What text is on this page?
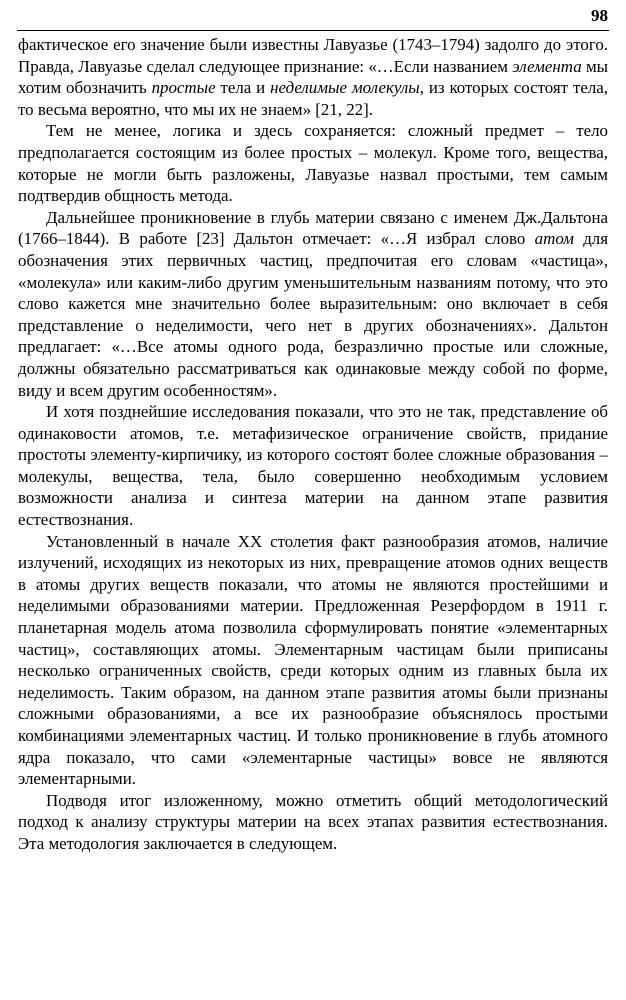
98

фактическое его значение были известны Лавуазье (1743–1794) задолго до этого. Правда, Лавуазье сделал следующее признание: «…Если названием элемента мы хотим обозначить простые тела и неделимые молекулы, из которых состоят тела, то весьма вероятно, что мы их не знаем» [21, 22].

Тем не менее, логика и здесь сохраняется: сложный предмет – тело предполагается состоящим из более простых – молекул. Кроме того, вещества, которые не могли быть разложены, Лавуазье назвал простыми, тем самым подтвердив общность метода.

Дальнейшее проникновение в глубь материи связано с именем Дж.Дальтона (1766–1844). В работе [23] Дальтон отмечает: «…Я избрал слово атом для обозначения этих первичных частиц, предпочитая его словам «частица», «молекула» или каким-либо другим уменьшительным названиям потому, что это слово кажется мне значительно более выразительным: оно включает в себя представление о неделимости, чего нет в других обозначениях». Дальтон предлагает: «…Все атомы одного рода, безразлично простые или сложные, должны обязательно рассматриваться как одинаковые между собой по форме, виду и всем другим особенностям».

И хотя позднейшие исследования показали, что это не так, представление об одинаковости атомов, т.е. метафизическое ограничение свойств, придание простоты элементу-кирпичику, из которого состоят более сложные образования – молекулы, вещества, тела, было совершенно необходимым условием возможности анализа и синтеза материи на данном этапе развития естествознания.

Установленный в начале XX столетия факт разнообразия атомов, наличие излучений, исходящих из некоторых из них, превращение атомов одних веществ в атомы других веществ показали, что атомы не являются простейшими и неделимыми образованиями материи. Предложенная Резерфордом в 1911 г. планетарная модель атома позволила сформулировать понятие «элементарных частиц», составляющих атомы. Элементарным частицам были приписаны несколько ограниченных свойств, среди которых одним из главных была их неделимость. Таким образом, на данном этапе развития атомы были признаны сложными образованиями, а все их разнообразие объяснялось простыми комбинациями элементарных частиц. И только проникновение в глубь атомного ядра показало, что сами «элементарные частицы» вовсе не являются элементарными.

Подводя итог изложенному, можно отметить общий методологический подход к анализу структуры материи на всех этапах развития естествознания. Эта методология заключается в следующем.
